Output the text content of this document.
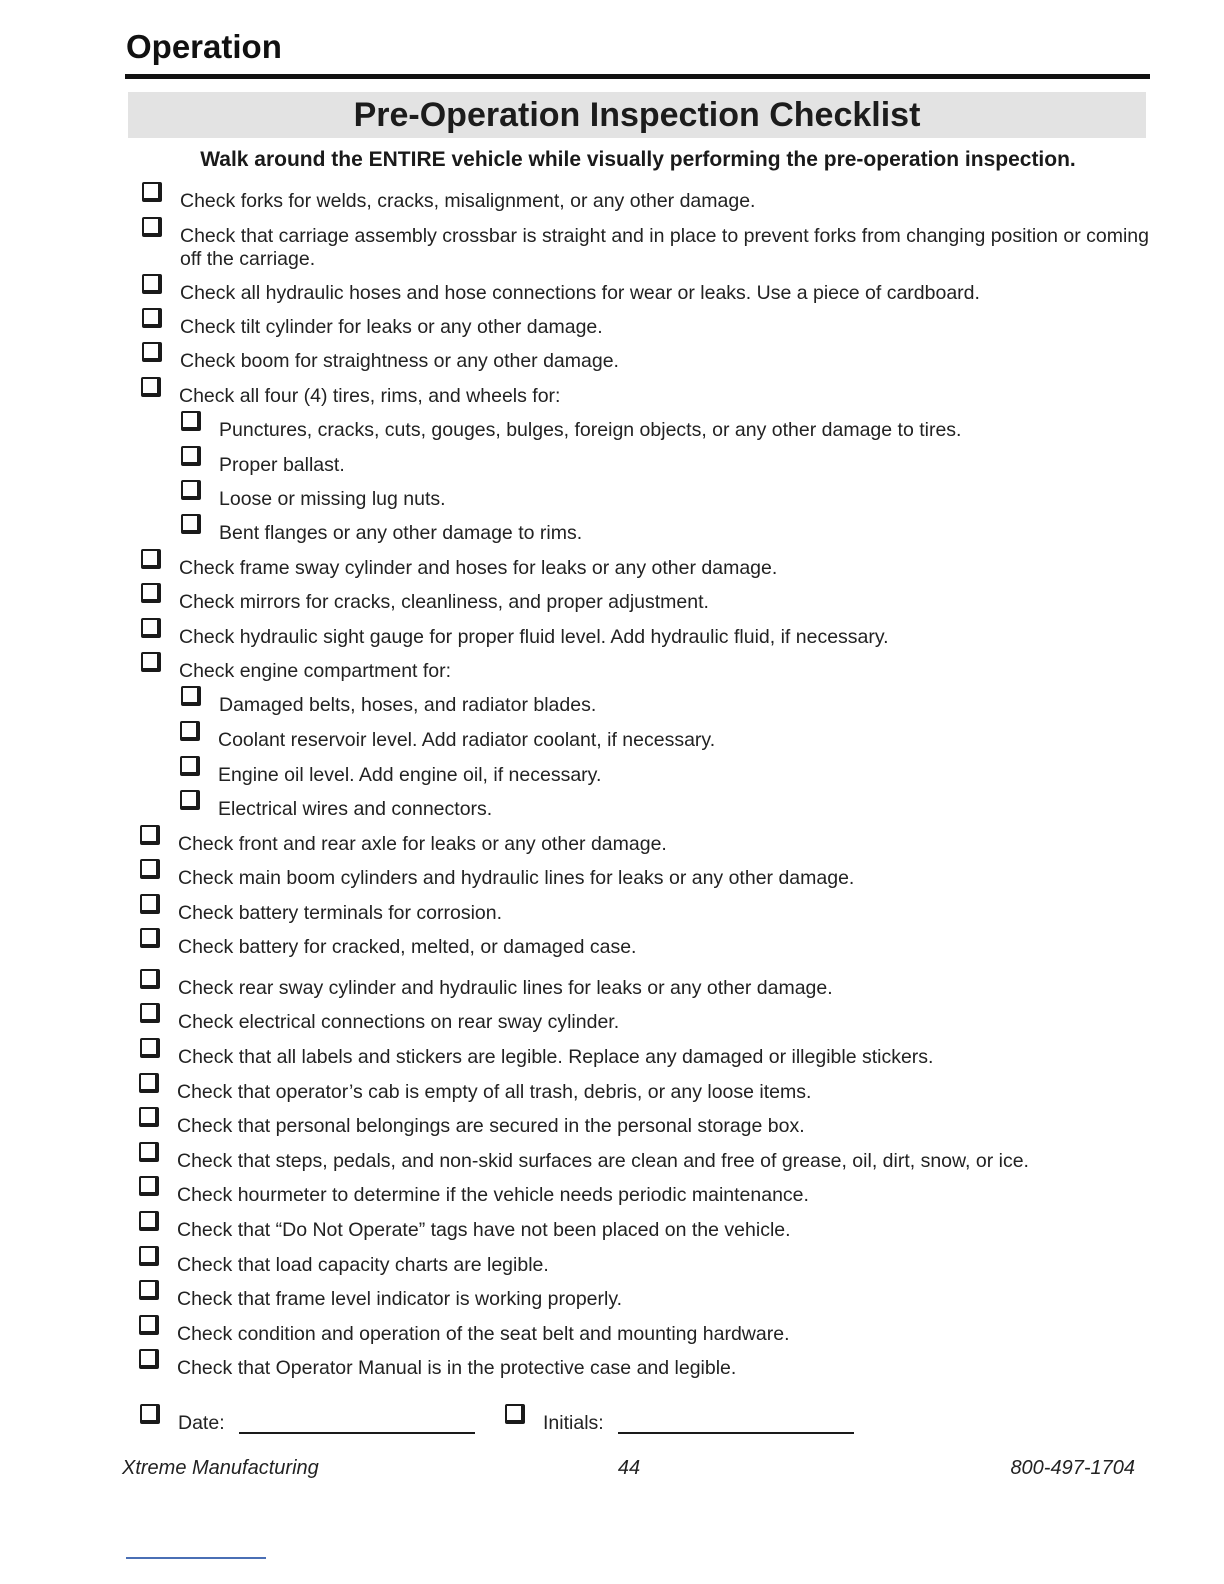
Operation
Pre-Operation Inspection Checklist

Walk around the ENTIRE vehicle while visually performing the pre-operation inspection.

Check forks for welds, cracks, misalignment, or any other damage.
Check that carriage assembly crossbar is straight and in place to prevent forks from changing position or coming off the carriage.
Check all hydraulic hoses and hose connections for wear or leaks. Use a piece of cardboard.
Check tilt cylinder for leaks or any other damage.
Check boom for straightness or any other damage.
Check all four (4) tires, rims, and wheels for:
Punctures, cracks, cuts, gouges, bulges, foreign objects, or any other damage to tires.
Proper ballast.
Loose or missing lug nuts.
Bent flanges or any other damage to rims.
Check frame sway cylinder and hoses for leaks or any other damage.
Check mirrors for cracks, cleanliness, and proper adjustment.
Check hydraulic sight gauge for proper fluid level. Add hydraulic fluid, if necessary.
Check engine compartment for:
Damaged belts, hoses, and radiator blades.
Coolant reservoir level. Add radiator coolant, if necessary.
Engine oil level. Add engine oil, if necessary.
Electrical wires and connectors.
Check front and rear axle for leaks or any other damage.
Check main boom cylinders and hydraulic lines for leaks or any other damage.
Check battery terminals for corrosion.
Check battery for cracked, melted, or damaged case.
Check rear sway cylinder and hydraulic lines for leaks or any other damage.
Check electrical connections on rear sway cylinder.
Check that all labels and stickers are legible. Replace any damaged or illegible stickers.
Check that operator’s cab is empty of all trash, debris, or any loose items.
Check that personal belongings are secured in the personal storage box.
Check that steps, pedals, and non-skid surfaces are clean and free of grease, oil, dirt, snow, or ice.
Check hourmeter to determine if the vehicle needs periodic maintenance.
Check that “Do Not Operate” tags have not been placed on the vehicle.
Check that load capacity charts are legible.
Check that frame level indicator is working properly.
Check condition and operation of the seat belt and mounting hardware.
Check that Operator Manual is in the protective case and legible.
Date:	Initials:

Xtreme Manufacturing	44	800-497-1704
